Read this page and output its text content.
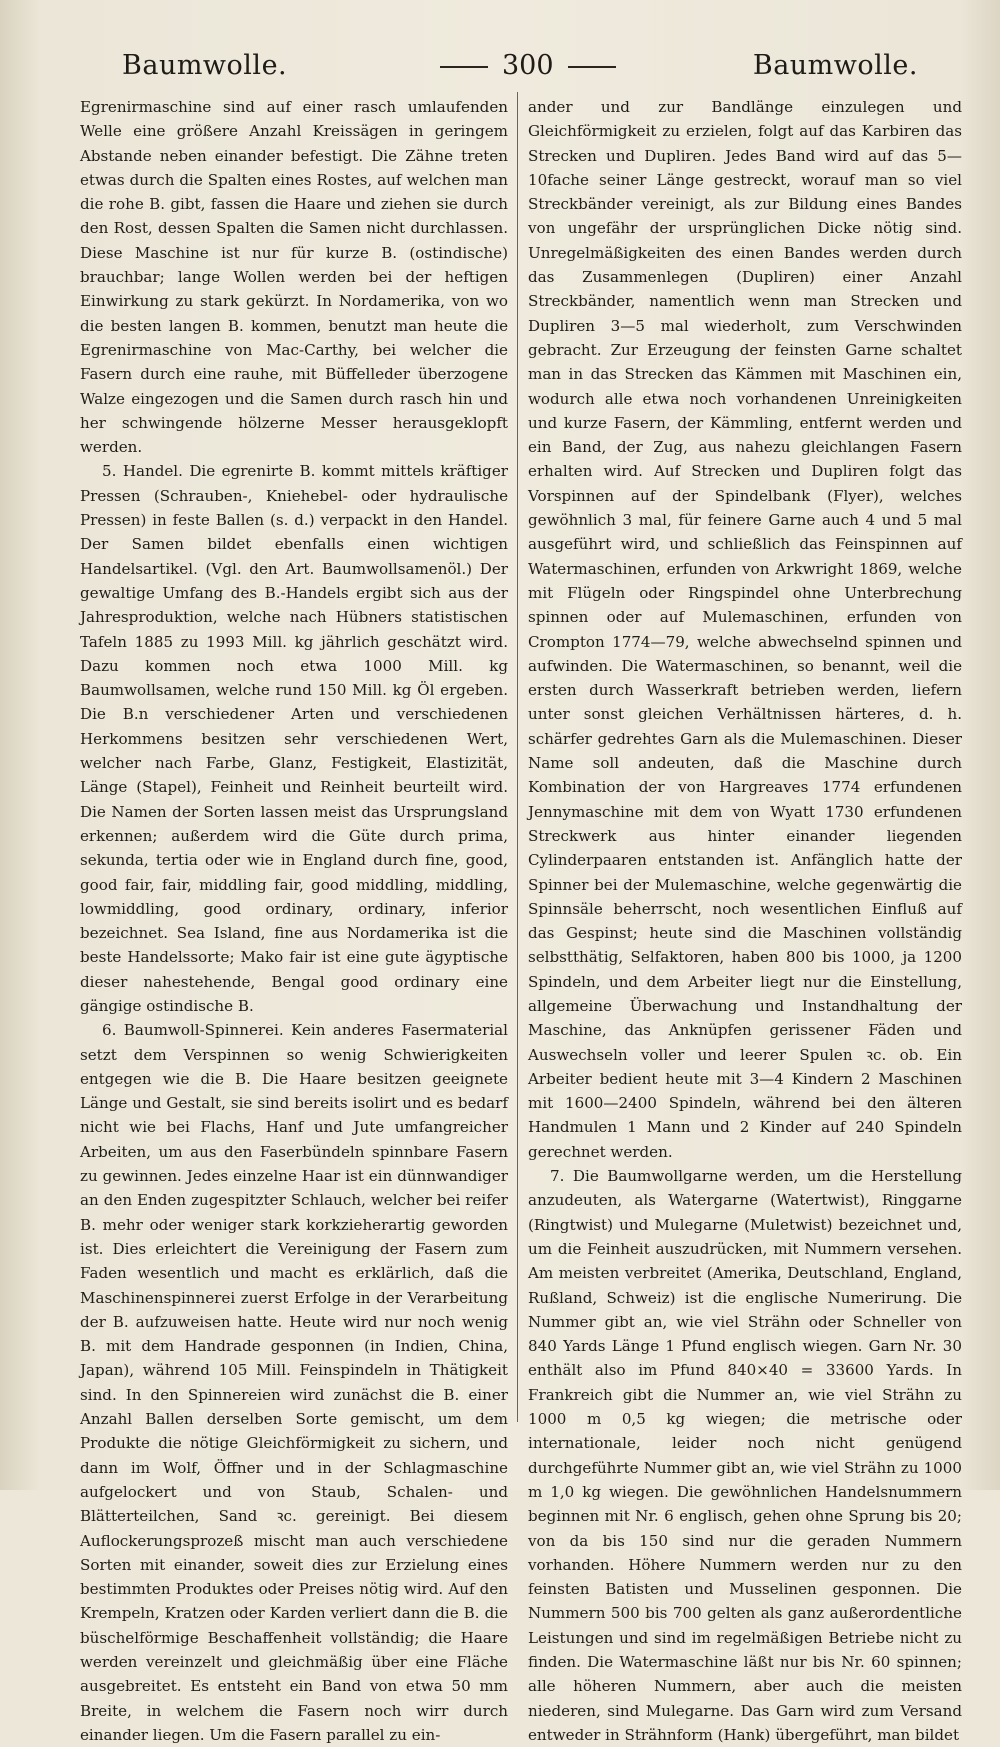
Baumwolle.	300	Baumwolle.

Egrenirmaschine sind auf einer rasch umlaufenden Welle eine größere Anzahl Kreissägen in geringem Abstande neben einander befestigt. Die Zähne treten etwas durch die Spalten eines Rostes, auf welchen man die rohe B. gibt, fassen die Haare und ziehen sie durch den Rost, dessen Spalten die Samen nicht durchlassen. Diese Maschine ist nur für kurze B. (ostindische) brauchbar; lange Wollen werden bei der heftigen Einwirkung zu stark gekürzt. In Nordamerika, von wo die besten langen B. kommen, benutzt man heute die Egrenirmaschine von Mac-Carthy, bei welcher die Fasern durch eine rauhe, mit Büffelleder überzogene Walze eingezogen und die Samen durch rasch hin und her schwingende hölzerne Messer herausgeklopft werden.

5. Handel. Die egrenirte B. kommt mittels kräftiger Pressen (Schrauben-, Kniehebel- oder hydraulische Pressen) in feste Ballen (s. d.) verpackt in den Handel. Der Samen bildet ebenfalls einen wichtigen Handelsartikel. (Vgl. den Art. Baumwollsamenöl.) Der gewaltige Umfang des B.-Handels ergibt sich aus der Jahresproduktion, welche nach Hübners statistischen Tafeln 1885 zu 1993 Mill. kg jährlich geschätzt wird. Dazu kommen noch etwa 1000 Mill. kg Baumwollsamen, welche rund 150 Mill. kg Öl ergeben. Die B.n verschiedener Arten und verschiedenen Herkommens besitzen sehr verschiedenen Wert, welcher nach Farbe, Glanz, Festigkeit, Elastizität, Länge (Stapel), Feinheit und Reinheit beurteilt wird. Die Namen der Sorten lassen meist das Ursprungsland erkennen; außerdem wird die Güte durch prima, sekunda, tertia oder wie in England durch fine, good, good fair, fair, middling fair, good middling, middling, lowmiddling, good ordinary, ordinary, inferior bezeichnet. Sea Island, fine aus Nordamerika ist die beste Handelssorte; Mako fair ist eine gute ägyptische dieser nahestehende, Bengal good ordinary eine gängige ostindische B.

6. Baumwoll-Spinnerei. Kein anderes Fasermaterial setzt dem Verspinnen so wenig Schwierigkeiten entgegen wie die B. Die Haare besitzen geeignete Länge und Gestalt, sie sind bereits isolirt und es bedarf nicht wie bei Flachs, Hanf und Jute umfangreicher Arbeiten, um aus den Faserbündeln spinnbare Fasern zu gewinnen. Jedes einzelne Haar ist ein dünnwandiger an den Enden zugespitzter Schlauch, welcher bei reifer B. mehr oder weniger stark korkzieherartig geworden ist. Dies erleichtert die Vereinigung der Fasern zum Faden wesentlich und macht es erklärlich, daß die Maschinenspinnerei zuerst Erfolge in der Verarbeitung der B. aufzuweisen hatte. Heute wird nur noch wenig B. mit dem Handrade gesponnen (in Indien, China, Japan), während 105 Mill. Feinspindeln in Thätigkeit sind. In den Spinnereien wird zunächst die B. einer Anzahl Ballen derselben Sorte gemischt, um dem Produkte die nötige Gleichförmigkeit zu sichern, und dann im Wolf, Öffner und in der Schlagmaschine aufgelockert und von Staub, Schalen- und Blätterteilchen, Sand ꝛc. gereinigt. Bei diesem Auflockerungsprozeß mischt man auch verschiedene Sorten mit einander, soweit dies zur Erzielung eines bestimmten Produktes oder Preises nötig wird. Auf den Krempeln, Kratzen oder Karden verliert dann die B. die büschelförmige Beschaffenheit vollständig; die Haare werden vereinzelt und gleichmäßig über eine Fläche ausgebreitet. Es entsteht ein Band von etwa 50 mm Breite, in welchem die Fasern noch wirr durch einander liegen. Um die Fasern parallel zu ein-

ander und zur Bandlänge einzulegen und Gleichförmigkeit zu erzielen, folgt auf das Karbiren das Strecken und Dupliren. Jedes Band wird auf das 5—10fache seiner Länge gestreckt, worauf man so viel Streckbänder vereinigt, als zur Bildung eines Bandes von ungefähr der ursprünglichen Dicke nötig sind. Unregelmäßigkeiten des einen Bandes werden durch das Zusammenlegen (Dupliren) einer Anzahl Streckbänder, namentlich wenn man Strecken und Dupliren 3—5 mal wiederholt, zum Verschwinden gebracht. Zur Erzeugung der feinsten Garne schaltet man in das Strecken das Kämmen mit Maschinen ein, wodurch alle etwa noch vorhandenen Unreinigkeiten und kurze Fasern, der Kämmling, entfernt werden und ein Band, der Zug, aus nahezu gleichlangen Fasern erhalten wird. Auf Strecken und Dupliren folgt das Vorspinnen auf der Spindelbank (Flyer), welches gewöhnlich 3 mal, für feinere Garne auch 4 und 5 mal ausgeführt wird, und schließlich das Feinspinnen auf Watermaschinen, erfunden von Arkwright 1869, welche mit Flügeln oder Ringspindel ohne Unterbrechung spinnen oder auf Mulemaschinen, erfunden von Crompton 1774—79, welche abwechselnd spinnen und aufwinden. Die Watermaschinen, so benannt, weil die ersten durch Wasserkraft betrieben werden, liefern unter sonst gleichen Verhältnissen härteres, d. h. schärfer gedrehtes Garn als die Mulemaschinen. Dieser Name soll andeuten, daß die Maschine durch Kombination der von Hargreaves 1774 erfundenen Jennymaschine mit dem von Wyatt 1730 erfundenen Streckwerk aus hinter einander liegenden Cylinderpaaren entstanden ist. Anfänglich hatte der Spinner bei der Mulemaschine, welche gegenwärtig die Spinnsäle beherrscht, noch wesentlichen Einfluß auf das Gespinst; heute sind die Maschinen vollständig selbstthätig, Selfaktoren, haben 800 bis 1000, ja 1200 Spindeln, und dem Arbeiter liegt nur die Einstellung, allgemeine Überwachung und Instandhaltung der Maschine, das Anknüpfen gerissener Fäden und Auswechseln voller und leerer Spulen ꝛc. ob. Ein Arbeiter bedient heute mit 3—4 Kindern 2 Maschinen mit 1600—2400 Spindeln, während bei den älteren Handmulen 1 Mann und 2 Kinder auf 240 Spindeln gerechnet werden.

7. Die Baumwollgarne werden, um die Herstellung anzudeuten, als Watergarne (Watertwist), Ringgarne (Ringtwist) und Mulegarne (Muletwist) bezeichnet und, um die Feinheit auszudrücken, mit Nummern versehen. Am meisten verbreitet (Amerika, Deutschland, England, Rußland, Schweiz) ist die englische Numerirung. Die Nummer gibt an, wie viel Strähn oder Schneller von 840 Yards Länge 1 Pfund englisch wiegen. Garn Nr. 30 enthält also im Pfund 840×40 = 33600 Yards. In Frankreich gibt die Nummer an, wie viel Strähn zu 1000 m 0,5 kg wiegen; die metrische oder internationale, leider noch nicht genügend durchgeführte Nummer gibt an, wie viel Strähn zu 1000 m 1,0 kg wiegen. Die gewöhnlichen Handelsnummern beginnen mit Nr. 6 englisch, gehen ohne Sprung bis 20; von da bis 150 sind nur die geraden Nummern vorhanden. Höhere Nummern werden nur zu den feinsten Batisten und Musselinen gesponnen. Die Nummern 500 bis 700 gelten als ganz außerordentliche Leistungen und sind im regelmäßigen Betriebe nicht zu finden. Die Watermaschine läßt nur bis Nr. 60 spinnen; alle höheren Nummern, aber auch die meisten niederen, sind Mulegarne. Das Garn wird zum Versand entweder in Strähnform (Hank) übergeführt, man bildet
